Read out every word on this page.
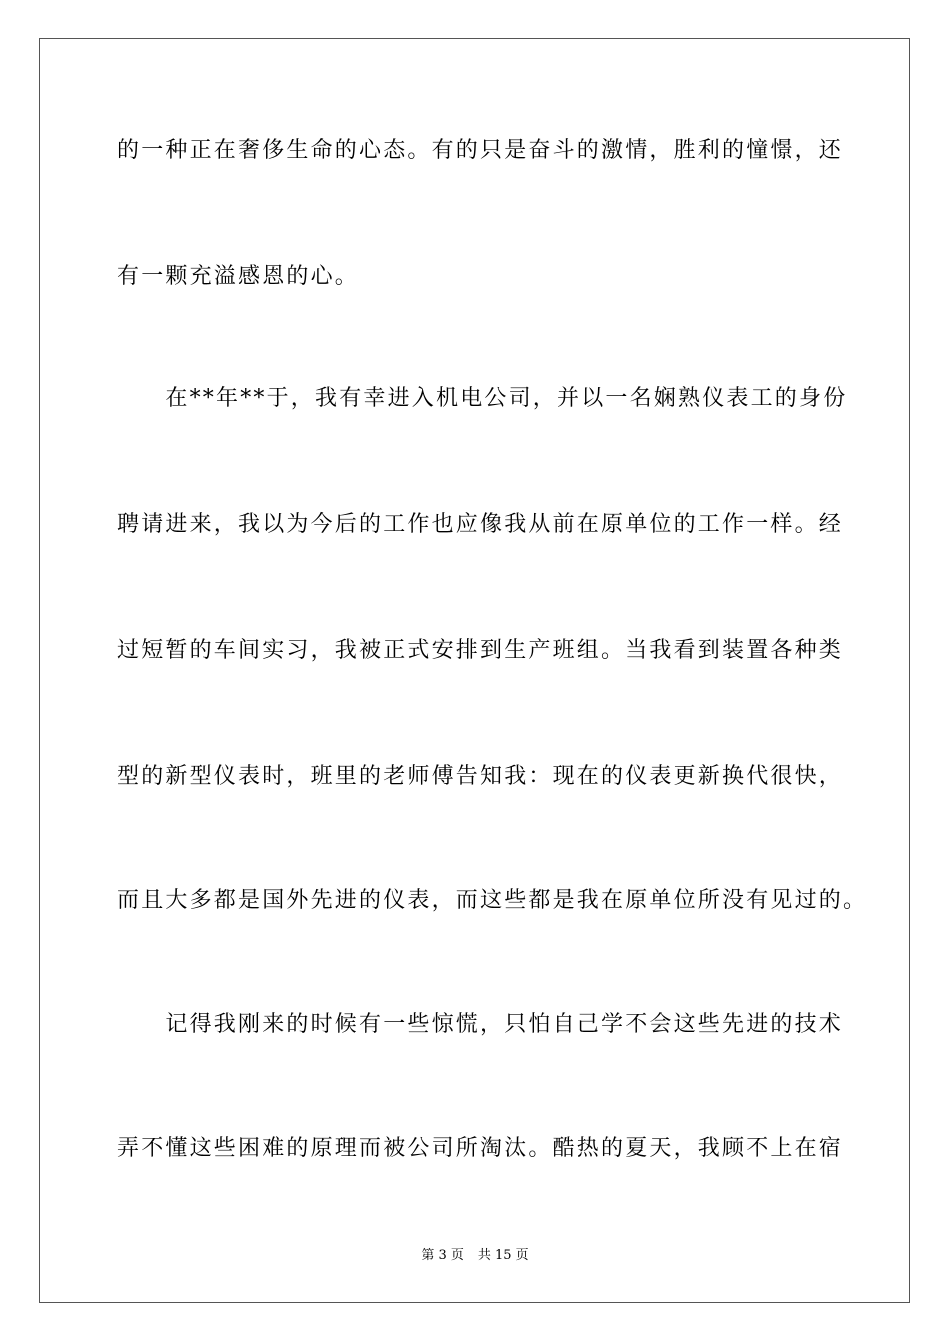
的一种正在奢侈生命的心态。有的只是奋斗的激情，胜利的憧憬，还
有一颗充溢感恩的心。
　　在**年**于，我有幸进入机电公司，并以一名娴熟仪表工的身份
聘请进来，我以为今后的工作也应像我从前在原单位的工作一样。经
过短暂的车间实习，我被正式安排到生产班组。当我看到装置各种类
型的新型仪表时，班里的老师傅告知我：现在的仪表更新换代很快，
而且大多都是国外先进的仪表，而这些都是我在原单位所没有见过的。
　　记得我刚来的时候有一些惊慌，只怕自己学不会这些先进的技术
弄不懂这些困难的原理而被公司所淘汰。酷热的夏天，我顾不上在宿
第 3 页 共 15 页
